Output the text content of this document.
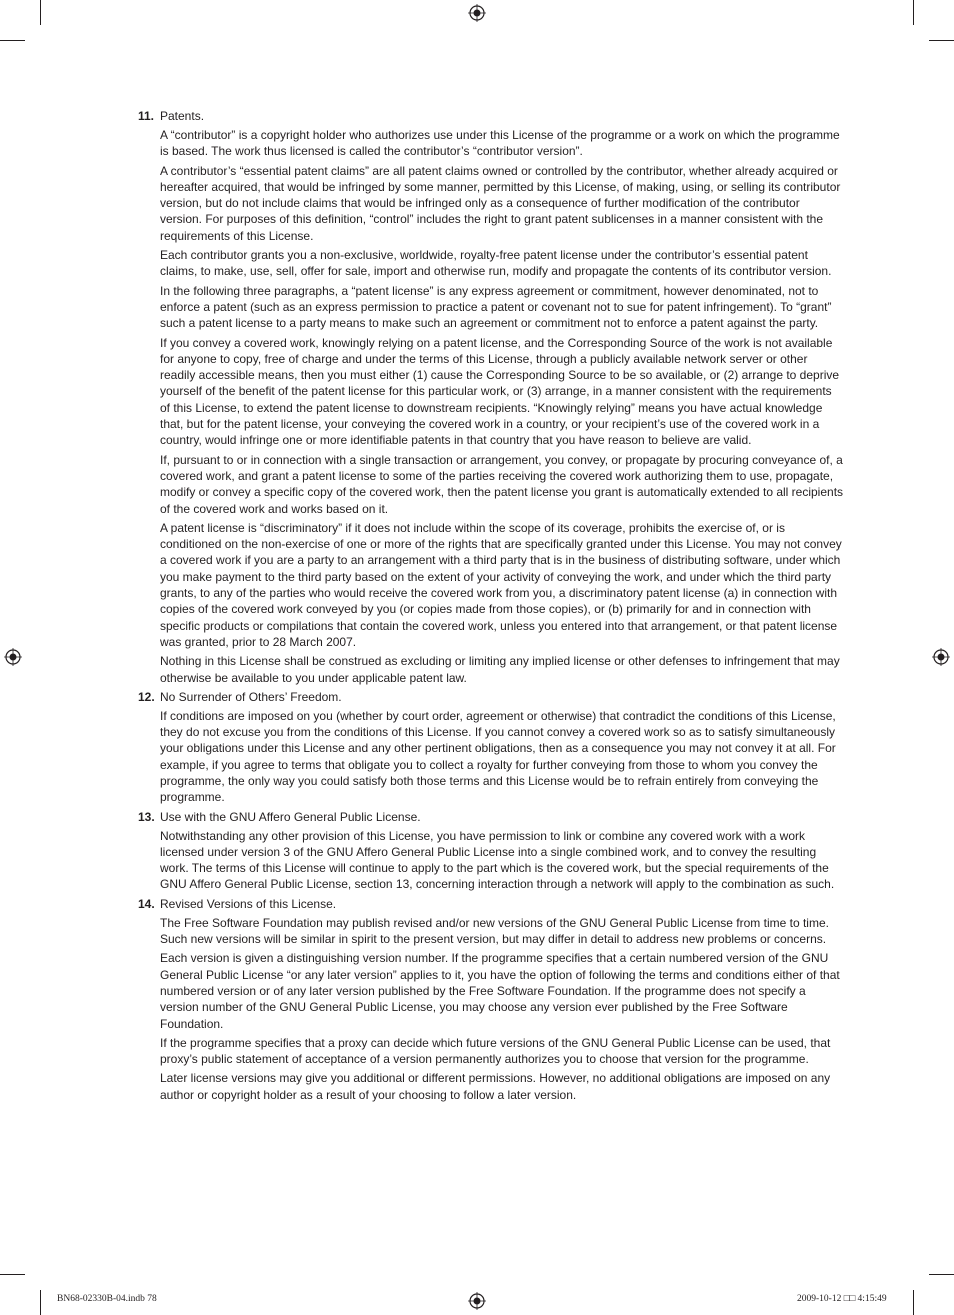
11. Patents.

A “contributor” is a copyright holder who authorizes use under this License of the programme or a work on which the programme is based. The work thus licensed is called the contributor’s “contributor version”.

A contributor’s “essential patent claims” are all patent claims owned or controlled by the contributor, whether already acquired or hereafter acquired, that would be infringed by some manner, permitted by this License, of making, using, or selling its contributor version, but do not include claims that would be infringed only as a consequence of further modification of the contributor version. For purposes of this definition, “control” includes the right to grant patent sublicenses in a manner consistent with the requirements of this License.

Each contributor grants you a non-exclusive, worldwide, royalty-free patent license under the contributor’s essential patent claims, to make, use, sell, offer for sale, import and otherwise run, modify and propagate the contents of its contributor version.

In the following three paragraphs, a “patent license” is any express agreement or commitment, however denominated, not to enforce a patent (such as an express permission to practice a patent or covenant not to sue for patent infringement). To “grant” such a patent license to a party means to make such an agreement or commitment not to enforce a patent against the party.

If you convey a covered work, knowingly relying on a patent license, and the Corresponding Source of the work is not available for anyone to copy, free of charge and under the terms of this License, through a publicly available network server or other readily accessible means, then you must either (1) cause the Corresponding Source to be so available, or (2) arrange to deprive yourself of the benefit of the patent license for this particular work, or (3) arrange, in a manner consistent with the requirements of this License, to extend the patent license to downstream recipients. “Knowingly relying” means you have actual knowledge that, but for the patent license, your conveying the covered work in a country, or your recipient’s use of the covered work in a country, would infringe one or more identifiable patents in that country that you have reason to believe are valid.

If, pursuant to or in connection with a single transaction or arrangement, you convey, or propagate by procuring conveyance of, a covered work, and grant a patent license to some of the parties receiving the covered work authorizing them to use, propagate, modify or convey a specific copy of the covered work, then the patent license you grant is automatically extended to all recipients of the covered work and works based on it.

A patent license is “discriminatory” if it does not include within the scope of its coverage, prohibits the exercise of, or is conditioned on the non-exercise of one or more of the rights that are specifically granted under this License. You may not convey a covered work if you are a party to an arrangement with a third party that is in the business of distributing software, under which you make payment to the third party based on the extent of your activity of conveying the work, and under which the third party grants, to any of the parties who would receive the covered work from you, a discriminatory patent license (a) in connection with copies of the covered work conveyed by you (or copies made from those copies), or (b) primarily for and in connection with specific products or compilations that contain the covered work, unless you entered into that arrangement, or that patent license was granted, prior to 28 March 2007.

Nothing in this License shall be construed as excluding or limiting any implied license or other defenses to infringement that may otherwise be available to you under applicable patent law.

12. No Surrender of Others’ Freedom.

If conditions are imposed on you (whether by court order, agreement or otherwise) that contradict the conditions of this License, they do not excuse you from the conditions of this License. If you cannot convey a covered work so as to satisfy simultaneously your obligations under this License and any other pertinent obligations, then as a consequence you may not convey it at all. For example, if you agree to terms that obligate you to collect a royalty for further conveying from those to whom you convey the programme, the only way you could satisfy both those terms and this License would be to refrain entirely from conveying the programme.

13. Use with the GNU Affero General Public License.

Notwithstanding any other provision of this License, you have permission to link or combine any covered work with a work licensed under version 3 of the GNU Affero General Public License into a single combined work, and to convey the resulting work. The terms of this License will continue to apply to the part which is the covered work, but the special requirements of the GNU Affero General Public License, section 13, concerning interaction through a network will apply to the combination as such.

14. Revised Versions of this License.

The Free Software Foundation may publish revised and/or new versions of the GNU General Public License from time to time. Such new versions will be similar in spirit to the present version, but may differ in detail to address new problems or concerns.

Each version is given a distinguishing version number. If the programme specifies that a certain numbered version of the GNU General Public License “or any later version” applies to it, you have the option of following the terms and conditions either of that numbered version or of any later version published by the Free Software Foundation. If the programme does not specify a version number of the GNU General Public License, you may choose any version ever published by the Free Software Foundation.

If the programme specifies that a proxy can decide which future versions of the GNU General Public License can be used, that proxy’s public statement of acceptance of a version permanently authorizes you to choose that version for the programme.

Later license versions may give you additional or different permissions. However, no additional obligations are imposed on any author or copyright holder as a result of your choosing to follow a later version.

BN68-02330B-04.indb 78	2009-10-12 □□ 4:15:49
